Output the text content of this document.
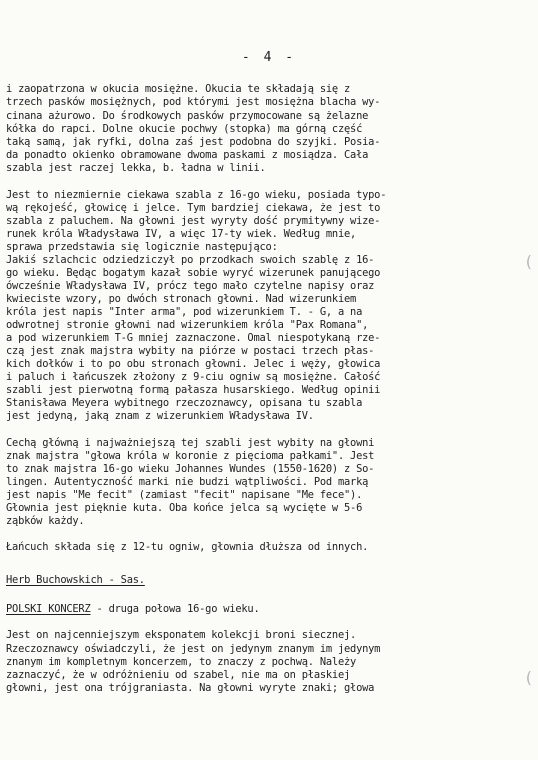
- 4 -
i zaopatrzona w okucia mosiężne. Okucia te składają się z
trzech pasków mosiężnych, pod którymi jest mosiężna blacha wy-
cinana ażurowo. Do środkowych pasków przymocowane są żelazne
kółka do rapci. Dolne okucie pochwy (stopka) ma górną część
taką samą, jak ryfki, dolna zaś jest podobna do szyjki. Posia-
da ponadto okienko obramowane dwoma paskami z mosiądza. Cała
szabla jest raczej lekka, b. ładna w linii.
Jest to niezmiernie ciekawa szabla z 16-go wieku, posiada typo-
wą rękojeść, głowicę i jelce. Tym bardziej ciekawa, że jest to
szabla z paluchem. Na głowni jest wyryty dość prymitywny wize-
runek króla Władysława IV, a więc 17-ty wiek. Według mnie,
sprawa przedstawia się logicznie następująco:
Jakiś szlachcic odziedziczył po przodkach swoich szablę z 16-
go wieku. Będąc bogatym kazał sobie wyryć wizerunek panującego
ówcześnie Władysława IV, prócz tego mało czytelne napisy oraz
kwieciste wzory, po dwóch stronach głowni. Nad wizerunkiem
króla jest napis "Inter arma", pod wizerunkiem T. - G, a na
odwrotnej stronie głowni nad wizerunkiem króla "Pax Romana",
a pod wizerunkiem T-G mniej zaznaczone. Omal niespotykaną rze-
czą jest znak majstra wybity na piórze w postaci trzech płas-
kich dołków i to po obu stronach głowni. Jelec i węży, głowica
i paluch i łańcuszek złożony z 9-ciu ogniw są mosiężne. Całość
szabli jest pierwotną formą pałasza husarskiego. Według opinii
Stanisława Meyera wybitnego rzeczoznawcy, opisana tu szabla
jest jedyną, jaką znam z wizerunkiem Władysława IV.
Cechą główną i najważniejszą tej szabli jest wybity na głowni
znak majstra "głowa króla w koronie z pięcioma pałkami". Jest
to znak majstra 16-go wieku Johannes Wundes (1550-1620) z So-
lingen. Autentyczność marki nie budzi wątpliwości. Pod marką
jest napis "Me fecit" (zamiast "fecit" napisane "Me fece").
Głownia jest pięknie kuta. Oba końce jelca są wycięte w 5-6
ząbków każdy.
Łańcuch składa się z 12-tu ogniw, głownia dłuższa od innych.
Herb Buchowskich - Sas.
POLSKI KONCERZ - druga połowa 16-go wieku.
Jest on najcenniejszym eksponatem kolekcji broni siecznej.
Rzeczoznawcy oświadczyli, że jest on jedynym znanym im jedynym
znanym im kompletnym koncerzem, to znaczy z pochwą. Należy
zaznaczyć, że w odróżnieniu od szabel, nie ma on płaskiej
głowni, jest ona trójgraniasta. Na głowni wyryte znaki; głowa
(
(
